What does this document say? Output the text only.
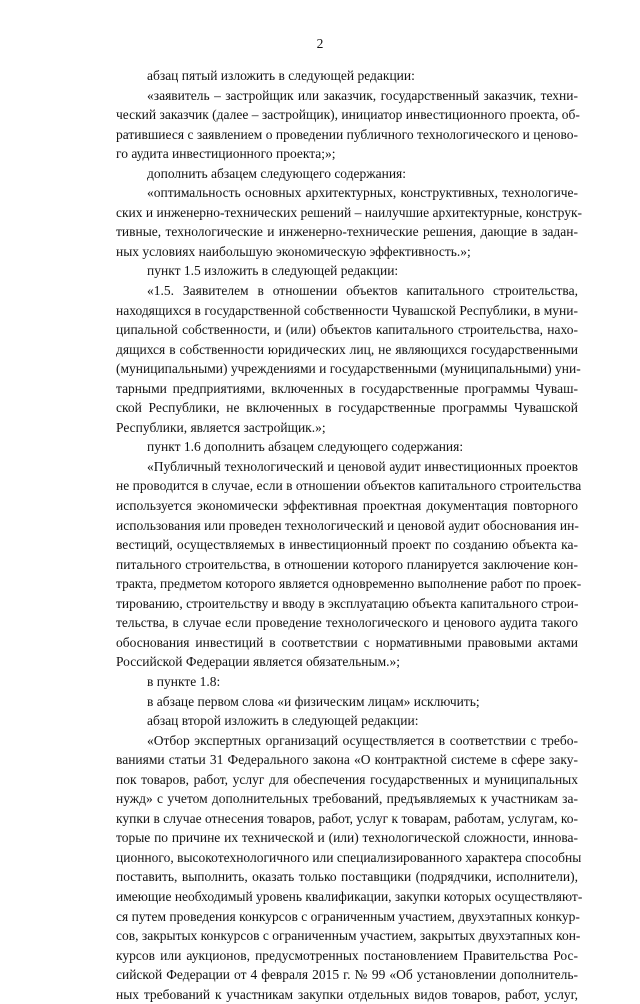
2
абзац пятый изложить в следующей редакции:
«заявитель – застройщик или заказчик, государственный заказчик, техни-
ческий заказчик (далее – застройщик), инициатор инвестиционного проекта, об-
ратившиеся с заявлением о проведении публичного технологического и ценово-
го аудита инвестиционного проекта;»;
дополнить абзацем следующего содержания:
«оптимальность основных архитектурных, конструктивных, технологиче-
ских и инженерно-технических решений – наилучшие архитектурные, конструк-
тивные, технологические и инженерно-технические решения, дающие в задан-
ных условиях наибольшую экономическую эффективность.»;
пункт 1.5 изложить в следующей редакции:
«1.5. Заявителем в отношении объектов капитального строительства,
находящихся в государственной собственности Чувашской Республики, в муни-
ципальной собственности, и (или) объектов капитального строительства, нахо-
дящихся в собственности юридических лиц, не являющихся государственными
(муниципальными) учреждениями и государственными (муниципальными) уни-
тарными предприятиями, включенных в государственные программы Чуваш-
ской Республики, не включенных в государственные программы Чувашской
Республики, является застройщик.»;
пункт 1.6 дополнить абзацем следующего содержания:
«Публичный технологический и ценовой аудит инвестиционных проектов
не проводится в случае, если в отношении объектов капитального строительства
используется экономически эффективная проектная документация повторного
использования или проведен технологический и ценовой аудит обоснования ин-
вестиций, осуществляемых в инвестиционный проект по созданию объекта ка-
питального строительства, в отношении которого планируется заключение кон-
тракта, предметом которого является одновременно выполнение работ по проек-
тированию, строительству и вводу в эксплуатацию объекта капитального строи-
тельства, в случае если проведение технологического и ценового аудита такого
обоснования инвестиций в соответствии с нормативными правовыми актами
Российской Федерации является обязательным.»;
в пункте 1.8:
в абзаце первом слова «и физическим лицам» исключить;
абзац второй изложить в следующей редакции:
«Отбор экспертных организаций осуществляется в соответствии с требо-
ваниями статьи 31 Федерального закона «О контрактной системе в сфере заку-
пок товаров, работ, услуг для обеспечения государственных и муниципальных
нужд» с учетом дополнительных требований, предъявляемых к участникам за-
купки в случае отнесения товаров, работ, услуг к товарам, работам, услугам, ко-
торые по причине их технической и (или) технологической сложности, иннова-
ционного, высокотехнологичного или специализированного характера способны
поставить, выполнить, оказать только поставщики (подрядчики, исполнители),
имеющие необходимый уровень квалификации, закупки которых осуществляют-
ся путем проведения конкурсов с ограниченным участием, двухэтапных конкур-
сов, закрытых конкурсов с ограниченным участием, закрытых двухэтапных кон-
курсов или аукционов, предусмотренных постановлением Правительства Рос-
сийской Федерации от 4 февраля 2015 г. № 99 «Об установлении дополнитель-
ных требований к участникам закупки отдельных видов товаров, работ, услуг,
